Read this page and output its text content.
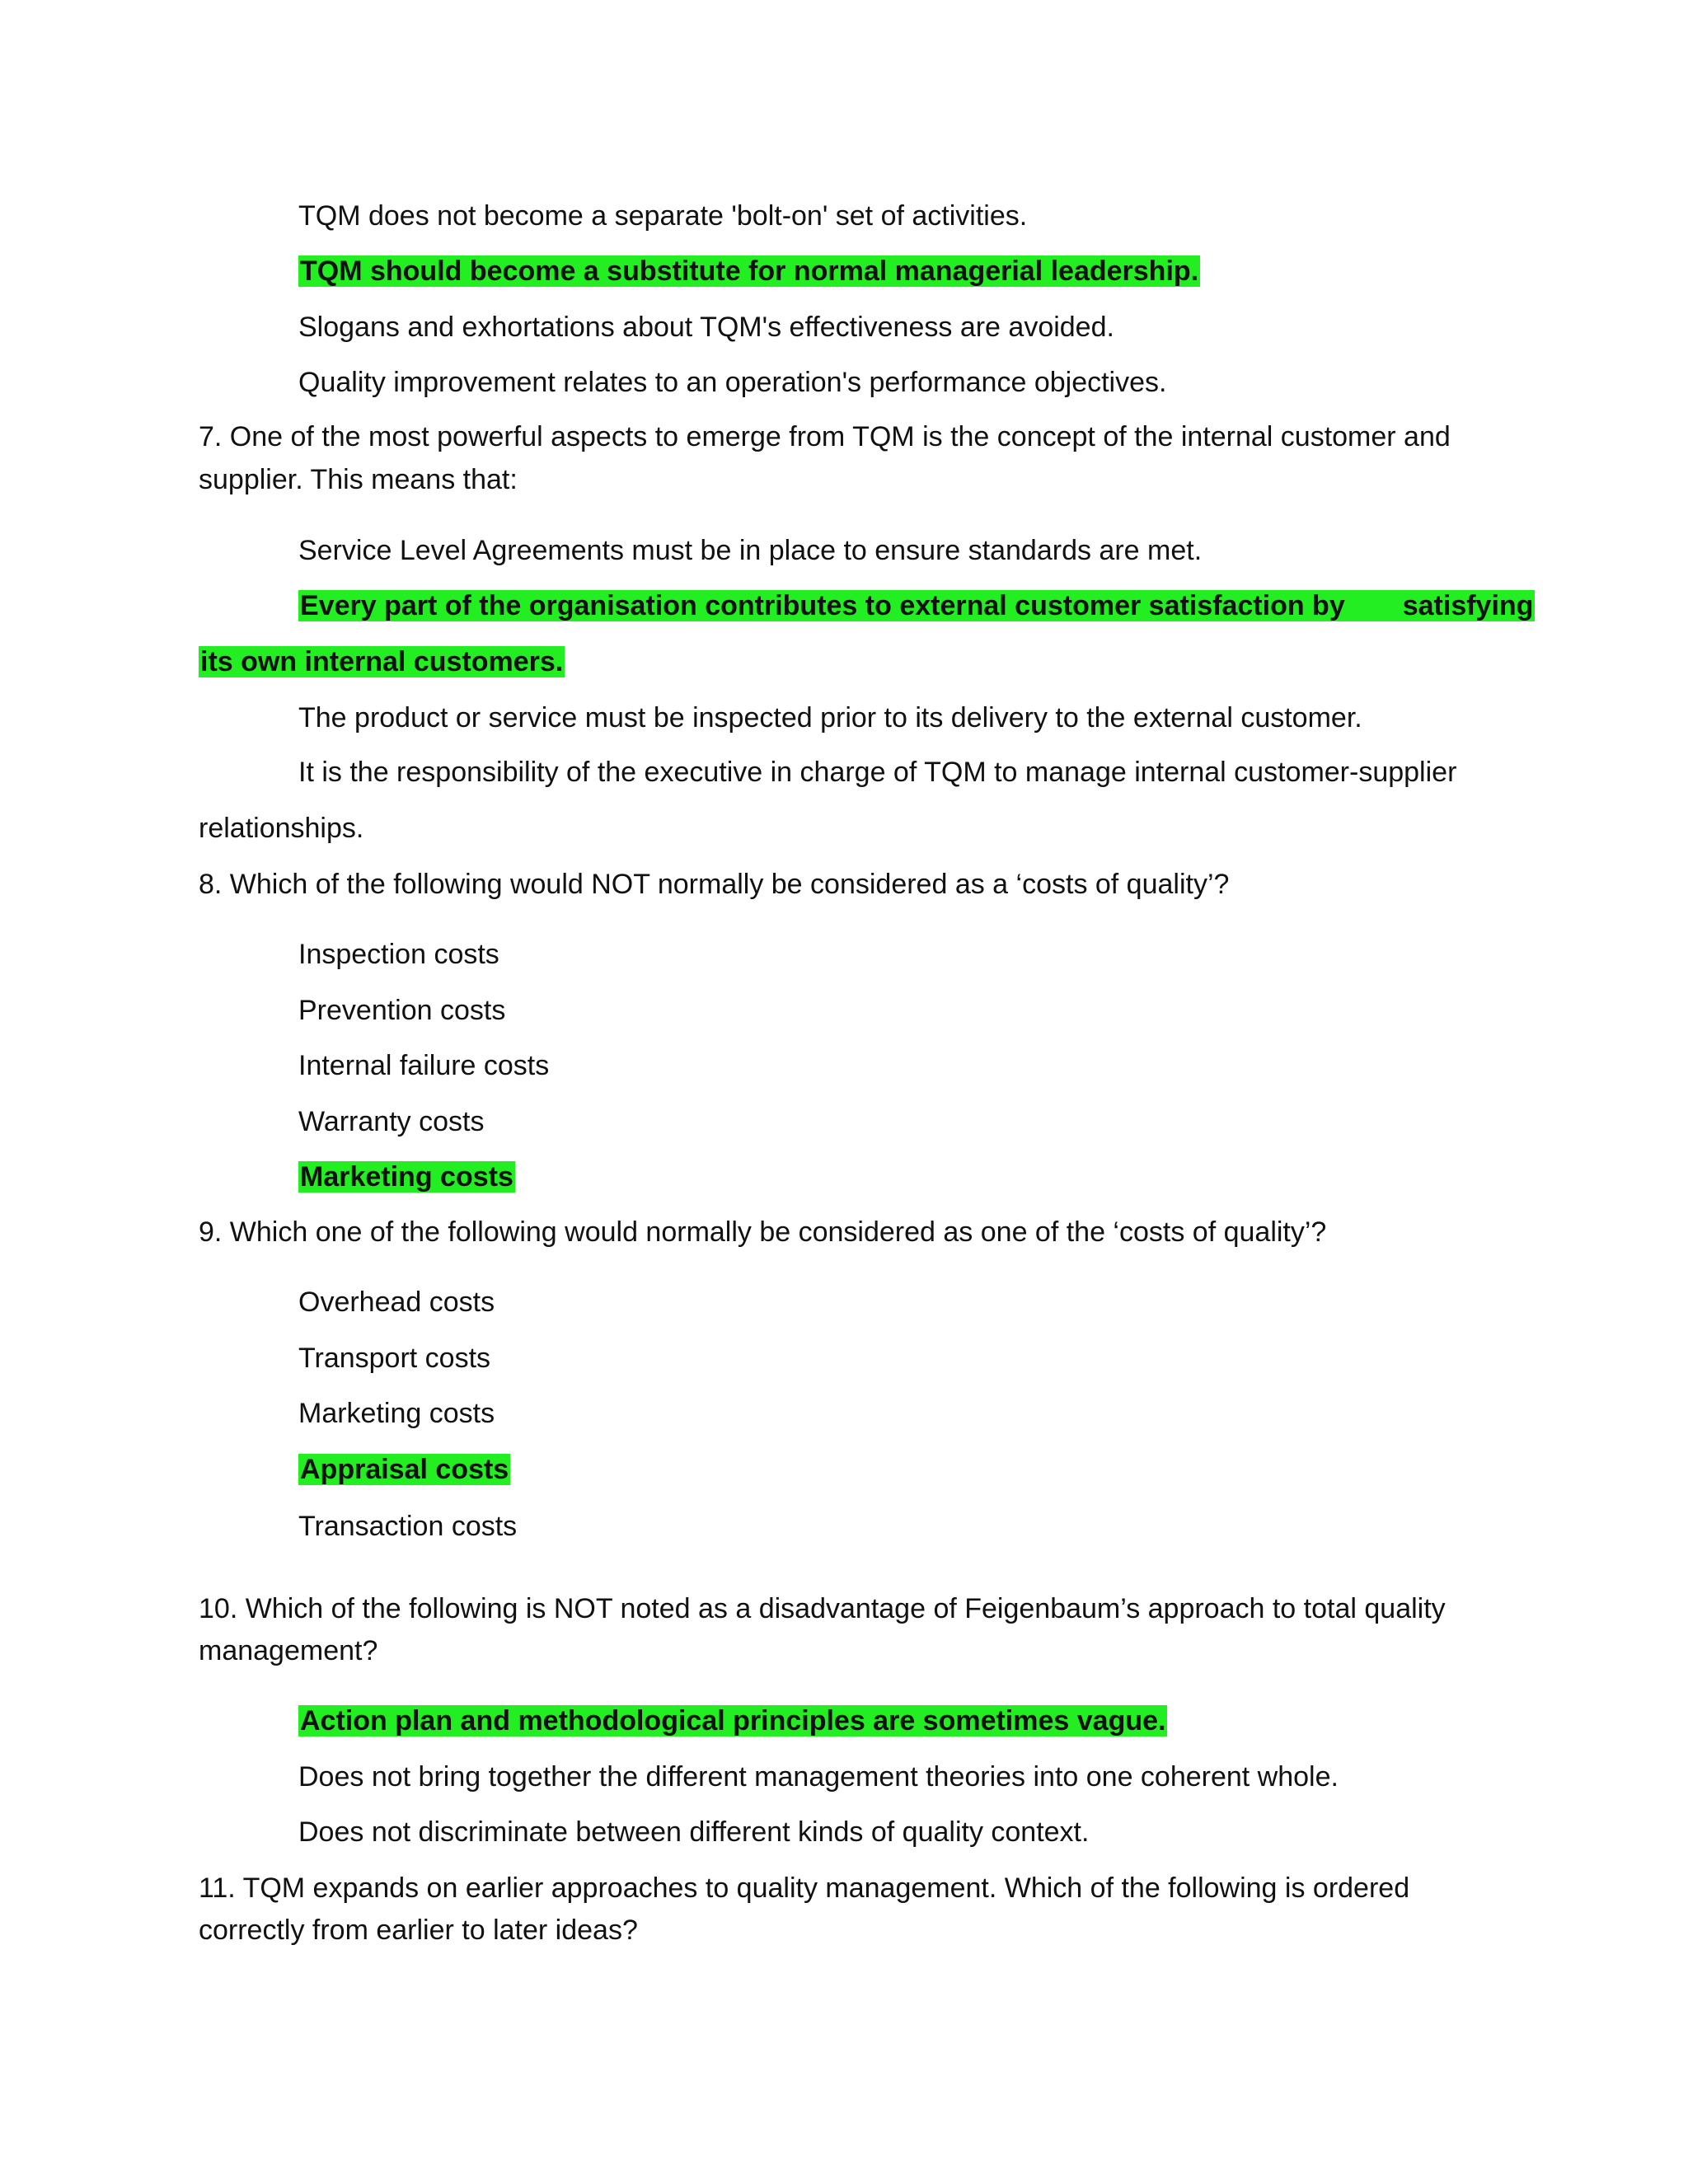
TQM does not become a separate 'bolt-on' set of activities.
TQM should become a substitute for normal managerial leadership.
Slogans and exhortations about TQM's effectiveness are avoided.
Quality improvement relates to an operation's performance objectives.
7. One of the most powerful aspects to emerge from TQM is the concept of the internal customer and
supplier. This means that:
Service Level Agreements must be in place to ensure standards are met.
Every part of the organisation contributes to external customer satisfaction by satisfying
its own internal customers.
The product or service must be inspected prior to its delivery to the external customer.
It is the responsibility of the executive in charge of TQM to manage internal customer-supplier
relationships.
8. Which of the following would NOT normally be considered as a ‘costs of quality’?
Inspection costs
Prevention costs
Internal failure costs
Warranty costs
Marketing costs
9. Which one of the following would normally be considered as one of the ‘costs of quality’?
Overhead costs
Transport costs
Marketing costs
Appraisal costs
Transaction costs
10. Which of the following is NOT noted as a disadvantage of Feigenbaum’s approach to total quality
management?
Action plan and methodological principles are sometimes vague.
Does not bring together the different management theories into one coherent whole.
Does not discriminate between different kinds of quality context.
11. TQM expands on earlier approaches to quality management. Which of the following is ordered
correctly from earlier to later ideas?
